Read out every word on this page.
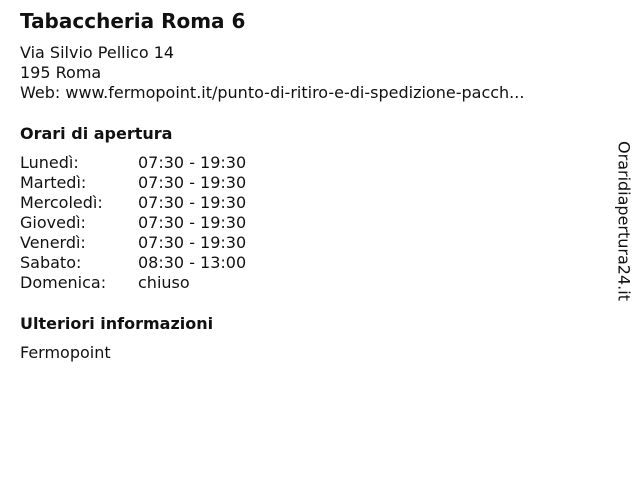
Tabaccheria Roma 6
Via Silvio Pellico 14
195 Roma
Web: www.fermopoint.it/punto-di-ritiro-e-di-spedizione-pacch...
Orari di apertura
Lunedì:	07:30 - 19:30
Martedì:	07:30 - 19:30
Mercoledì: 07:30 - 19:30
Giovedì:	07:30 - 19:30
Venerdì:	07:30 - 19:30
Sabato:	08:30 - 13:00
Domenica: chiuso
Ulteriori informazioni
Fermopoint
Oraridiapertura24.it
